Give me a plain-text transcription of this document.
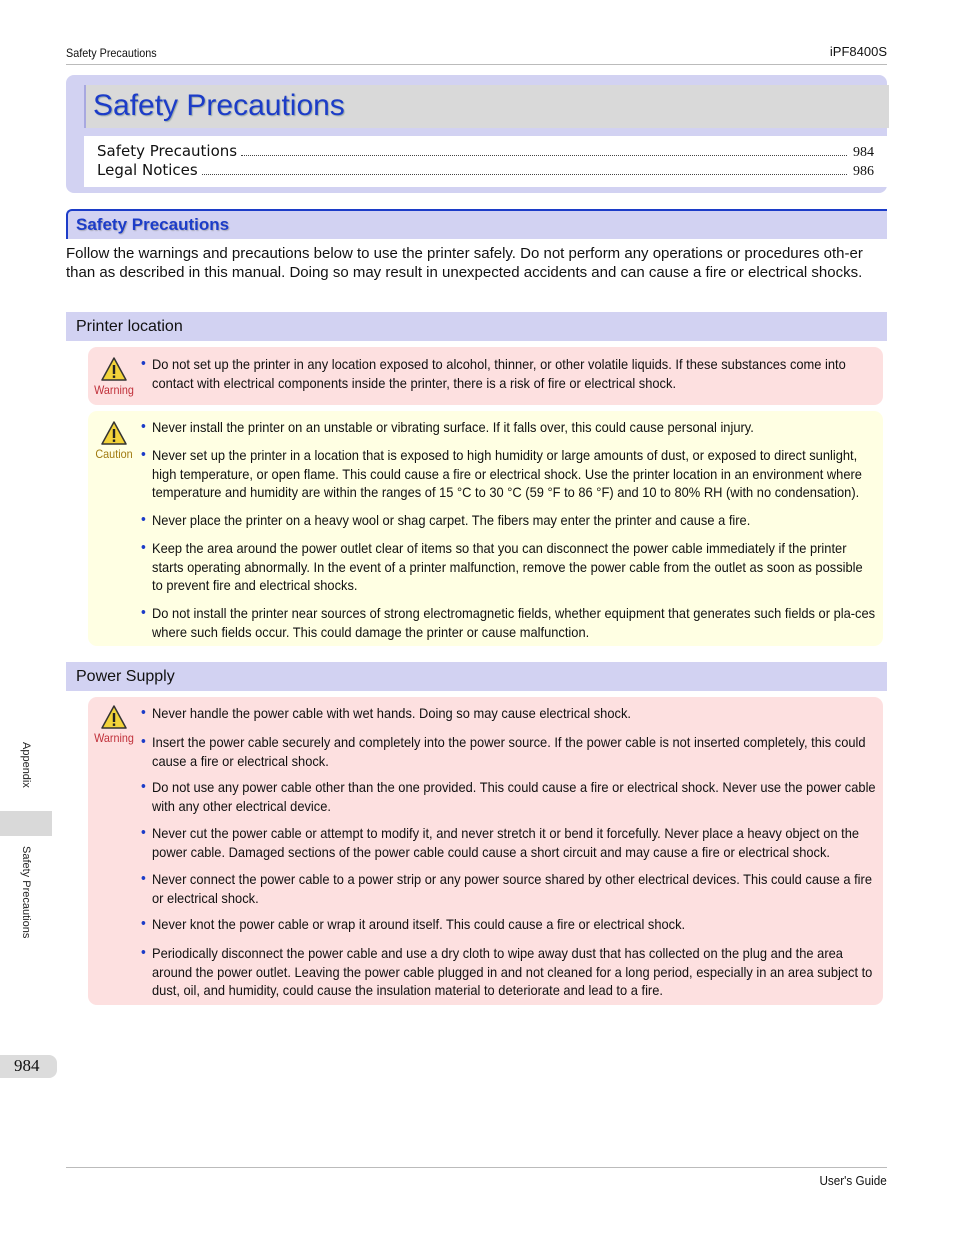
Safety Precautions	iPF8400S
Safety Precautions
Safety Precautions	984
Legal Notices	986
Safety Precautions

Follow the warnings and precautions below to use the printer safely. Do not perform any operations or procedures oth-er than as described in this manual. Doing so may result in unexpected accidents and can cause a fire or electrical shocks.

Printer location
Warning
• Do not set up the printer in any location exposed to alcohol, thinner, or other volatile liquids. If these substances come into contact with electrical components inside the printer, there is a risk of fire or electrical shock.
Caution
• Never install the printer on an unstable or vibrating surface. If it falls over, this could cause personal injury.
• Never set up the printer in a location that is exposed to high humidity or large amounts of dust, or exposed to direct sunlight, high temperature, or open flame. This could cause a fire or electrical shock. Use the printer location in an environment where temperature and humidity are within the ranges of 15 °C to 30 °C (59 °F to 86 °F) and 10 to 80% RH (with no condensation).
• Never place the printer on a heavy wool or shag carpet. The fibers may enter the printer and cause a fire.
• Keep the area around the power outlet clear of items so that you can disconnect the power cable immediately if the printer starts operating abnormally. In the event of a printer malfunction, remove the power cable from the outlet as soon as possible to prevent fire and electrical shocks.
• Do not install the printer near sources of strong electromagnetic fields, whether equipment that generates such fields or pla-ces where such fields occur. This could damage the printer or cause malfunction.
Power Supply
Warning
• Never handle the power cable with wet hands. Doing so may cause electrical shock.
• Insert the power cable securely and completely into the power source. If the power cable is not inserted completely, this could cause a fire or electrical shock.
• Do not use any power cable other than the one provided. This could cause a fire or electrical shock. Never use the power cable with any other electrical device.
• Never cut the power cable or attempt to modify it, and never stretch it or bend it forcefully. Never place a heavy object on the power cable. Damaged sections of the power cable could cause a short circuit and may cause a fire or electrical shock.
• Never connect the power cable to a power strip or any power source shared by other electrical devices. This could cause a fire or electrical shock.
• Never knot the power cable or wrap it around itself. This could cause a fire or electrical shock.
• Periodically disconnect the power cable and use a dry cloth to wipe away dust that has collected on the plug and the area around the power outlet. Leaving the power cable plugged in and not cleaned for a long period, especially in an area subject to dust, oil, and humidity, could cause the insulation material to deteriorate and lead to a fire.
Appendix
Safety Precautions
984
User's Guide
